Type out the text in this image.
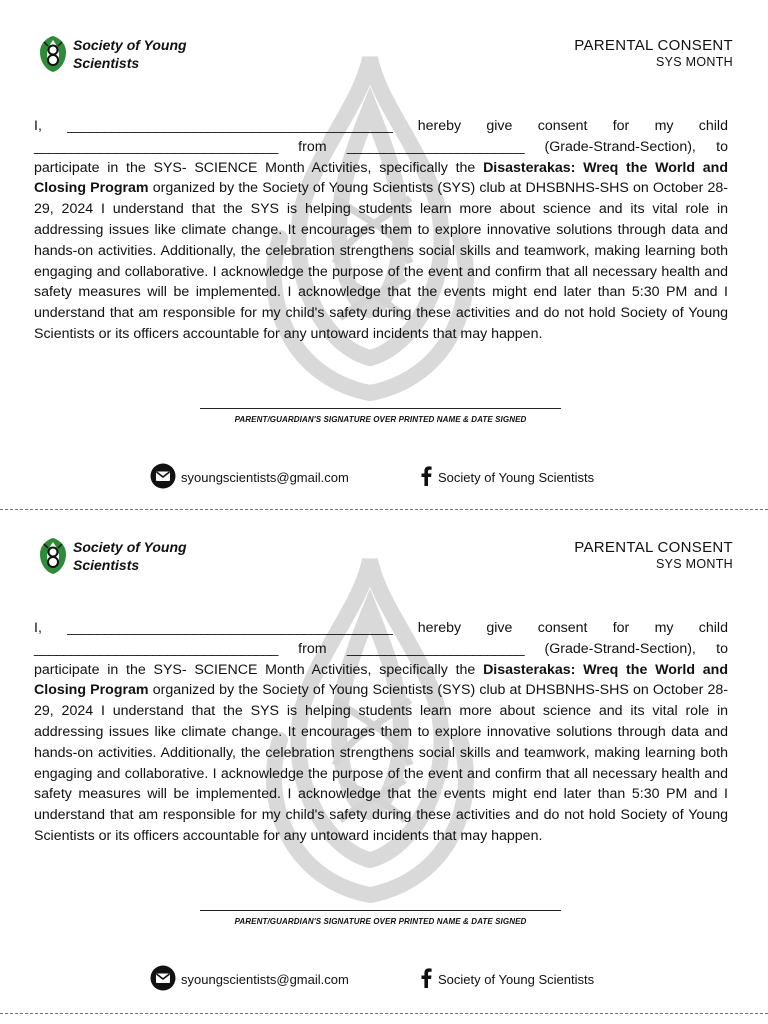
Society of Young Scientists
PARENTAL CONSENT
SYS MONTH

I, ____________________________________________ hereby give consent for my child _________________________________ from ________________________ (Grade-Strand-Section), to participate in the SYS- SCIENCE Month Activities, specifically the Disasterakas: Wreq the World and Closing Program organized by the Society of Young Scientists (SYS) club at DHSBNHS-SHS on October 28-29, 2024 I understand that the SYS is helping students learn more about science and its vital role in addressing issues like climate change. It encourages them to explore innovative solutions through data and hands-on activities. Additionally, the celebration strengthens social skills and teamwork, making learning both engaging and collaborative. I acknowledge the purpose of the event and confirm that all necessary health and safety measures will be implemented. I acknowledge that the events might end later than 5:30 PM and I understand that am responsible for my child's safety during these activities and do not hold Society of Young Scientists or its officers accountable for any untoward incidents that may happen.

PARENT/GUARDIAN'S SIGNATURE OVER PRINTED NAME & DATE SIGNED
syoungscientists@gmail.com	Society of Young Scientists
Society of Young Scientists
PARENTAL CONSENT
SYS MONTH

I, ____________________________________________ hereby give consent for my child _________________________________ from ________________________ (Grade-Strand-Section), to participate in the SYS- SCIENCE Month Activities, specifically the Disasterakas: Wreq the World and Closing Program organized by the Society of Young Scientists (SYS) club at DHSBNHS-SHS on October 28-29, 2024 I understand that the SYS is helping students learn more about science and its vital role in addressing issues like climate change. It encourages them to explore innovative solutions through data and hands-on activities. Additionally, the celebration strengthens social skills and teamwork, making learning both engaging and collaborative. I acknowledge the purpose of the event and confirm that all necessary health and safety measures will be implemented. I acknowledge that the events might end later than 5:30 PM and I understand that am responsible for my child's safety during these activities and do not hold Society of Young Scientists or its officers accountable for any untoward incidents that may happen.

PARENT/GUARDIAN'S SIGNATURE OVER PRINTED NAME & DATE SIGNED
syoungscientists@gmail.com	Society of Young Scientists
